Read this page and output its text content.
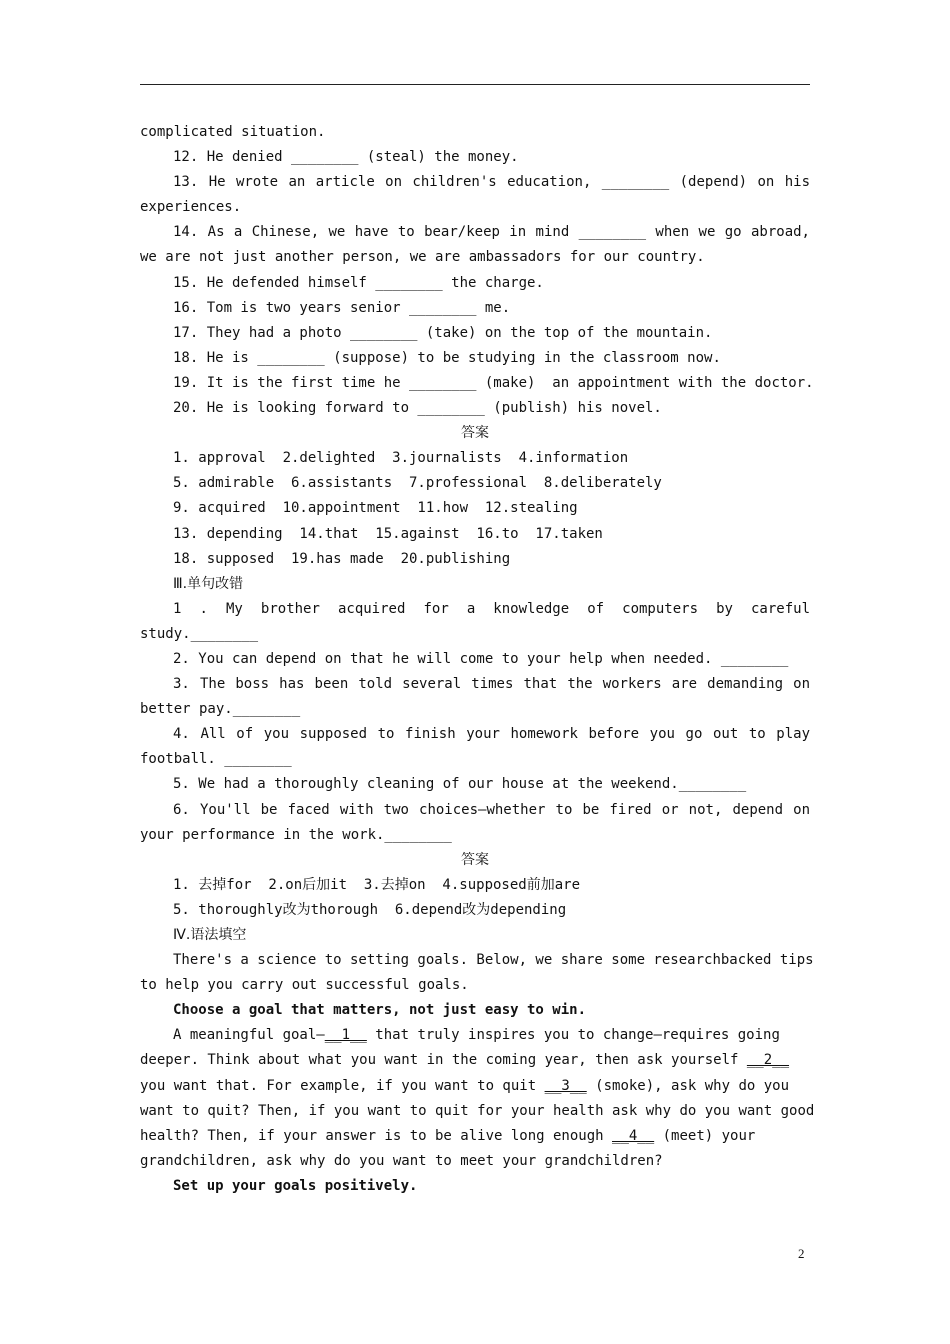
complicated situation.
12. He denied ________ (steal) the money.
13. He wrote an article on children's education, ________ (depend) on his
experiences.
14. As a Chinese, we have to bear/keep in mind ________ when we go abroad,
we are not just another person, we are ambassadors for our country.
15. He defended himself ________ the charge.
16. Tom is two years senior ________ me.
17. They had a photo ________ (take) on the top of the mountain.
18. He is ________ (suppose) to be studying in the classroom now.
19. It is the first time he ________ (make)  an appointment with the doctor.
20. He is looking forward to ________ (publish) his novel.
答案
1. approval  2.delighted  3.journalists  4.information
5. admirable  6.assistants  7.professional  8.deliberately
9. acquired  10.appointment  11.how  12.stealing
13. depending  14.that  15.against  16.to  17.taken
18. supposed  19.has made  20.publishing
Ⅲ.单句改错
1 . My brother acquired for a knowledge of computers by careful
study.________
2. You can depend on that he will come to your help when needed. ________
3. The boss has been told several times that the workers are demanding on
better pay.________
4. All of you supposed to finish your homework before you go out to play
football. ________
5. We had a thoroughly cleaning of our house at the weekend.________
6. You'll be faced with two choices—whether to be fired or not, depend on
your performance in the work.________
答案
1. 去掉for  2.on后加it  3.去掉on  4.supposed前加are
5. thoroughly改为thorough  6.depend改为depending
Ⅳ.语法填空
There's a science to setting goals. Below, we share some researchbacked tips
to help you carry out successful goals.
Choose a goal that matters, not just easy to win.
A meaningful goal—__1__ that truly inspires you to change—requires going
deeper. Think about what you want in the coming year, then ask yourself __2__
you want that. For example, if you want to quit __3__ (smoke), ask why do you
want to quit? Then, if you want to quit for your health ask why do you want good
health? Then, if your answer is to be alive long enough __4__ (meet) your
grandchildren, ask why do you want to meet your grandchildren?
Set up your goals positively.
2
